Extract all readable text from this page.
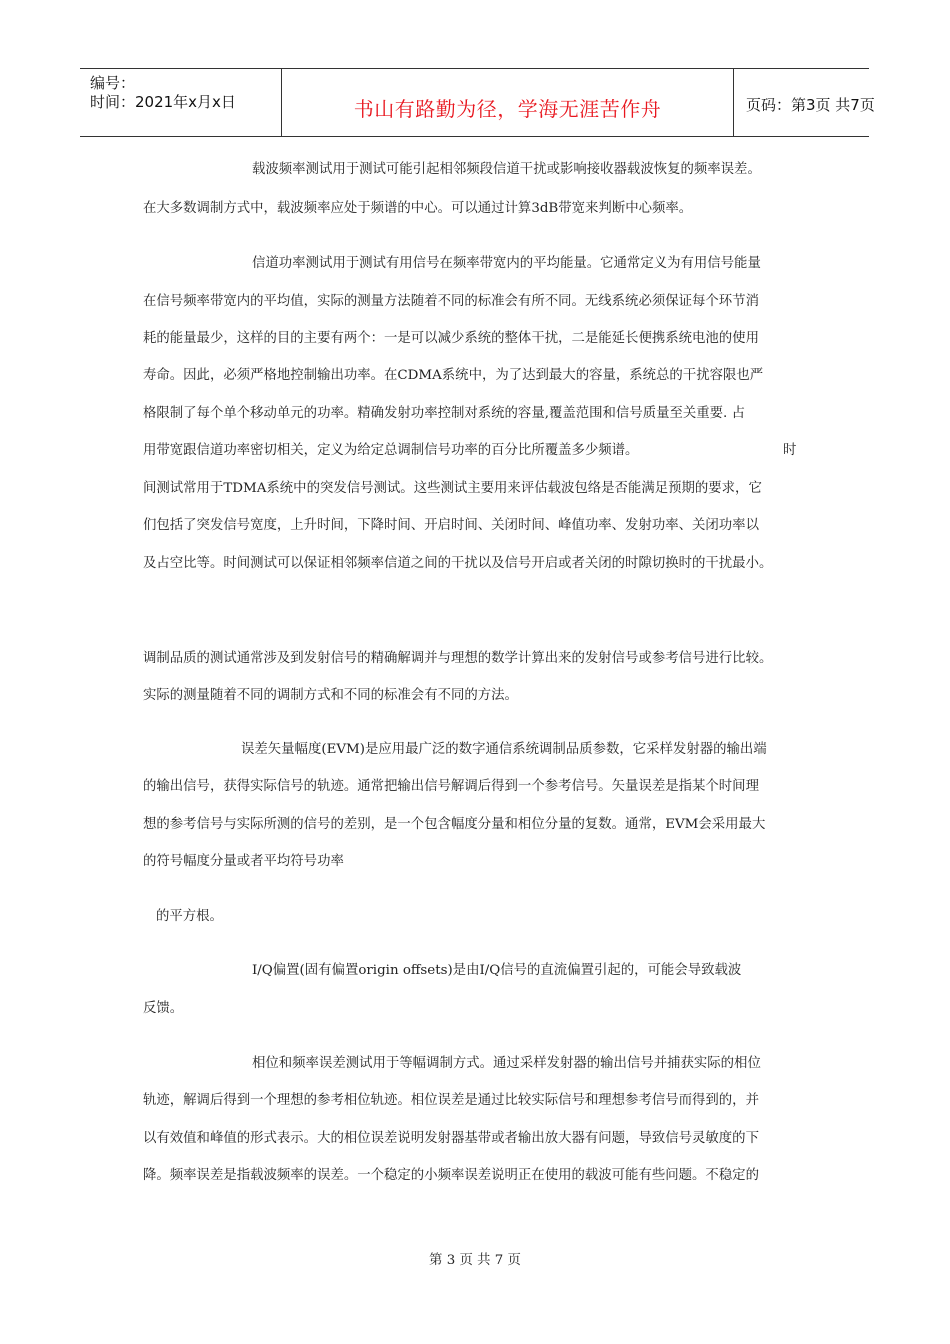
编号：
时间：2021年x月x日	书山有路勤为径，学海无涯苦作舟	页码：第3页 共7页
载波频率测试用于测试可能引起相邻频段信道干扰或影响接收器载波恢复的频率误差。
在大多数调制方式中，载波频率应处于频谱的中心。可以通过计算3dB带宽来判断中心频率。
信道功率测试用于测试有用信号在频率带宽内的平均能量。它通常定义为有用信号能量
在信号频率带宽内的平均值，实际的测量方法随着不同的标准会有所不同。无线系统必须保证每个环节消
耗的能量最少，这样的目的主要有两个：一是可以减少系统的整体干扰，二是能延长便携系统电池的使用
寿命。因此，必须严格地控制输出功率。在CDMA系统中，为了达到最大的容量，系统总的干扰容限也严
格限制了每个单个移动单元的功率。精确发射功率控制对系统的容量,覆盖范围和信号质量至关重要. 占
用带宽跟信道功率密切相关，定义为给定总调制信号功率的百分比所覆盖多少频谱。	时
间测试常用于TDMA系统中的突发信号测试。这些测试主要用来评估载波包络是否能满足预期的要求，它
们包括了突发信号宽度，上升时间，下降时间、开启时间、关闭时间、峰值功率、发射功率、关闭功率以
及占空比等。时间测试可以保证相邻频率信道之间的干扰以及信号开启或者关闭的时隙切换时的干扰最小。
调制品质的测试通常涉及到发射信号的精确解调并与理想的数学计算出来的发射信号或参考信号进行比较。
实际的测量随着不同的调制方式和不同的标准会有不同的方法。
误差矢量幅度(EVM)是应用最广泛的数字通信系统调制品质参数，它采样发射器的输出端
的输出信号，获得实际信号的轨迹。通常把输出信号解调后得到一个参考信号。矢量误差是指某个时间理
想的参考信号与实际所测的信号的差别，是一个包含幅度分量和相位分量的复数。通常，EVM会采用最大
的符号幅度分量或者平均符号功率
的平方根。
I/Q偏置(固有偏置origin offsets)是由I/Q信号的直流偏置引起的，可能会导致载波
反馈。
相位和频率误差测试用于等幅调制方式。通过采样发射器的输出信号并捕获实际的相位
轨迹，解调后得到一个理想的参考相位轨迹。相位误差是通过比较实际信号和理想参考信号而得到的，并
以有效值和峰值的形式表示。大的相位误差说明发射器基带或者输出放大器有问题，导致信号灵敏度的下
降。频率误差是指载波频率的误差。一个稳定的小频率误差说明正在使用的载波可能有些问题。不稳定的
第 3 页 共 7 页
